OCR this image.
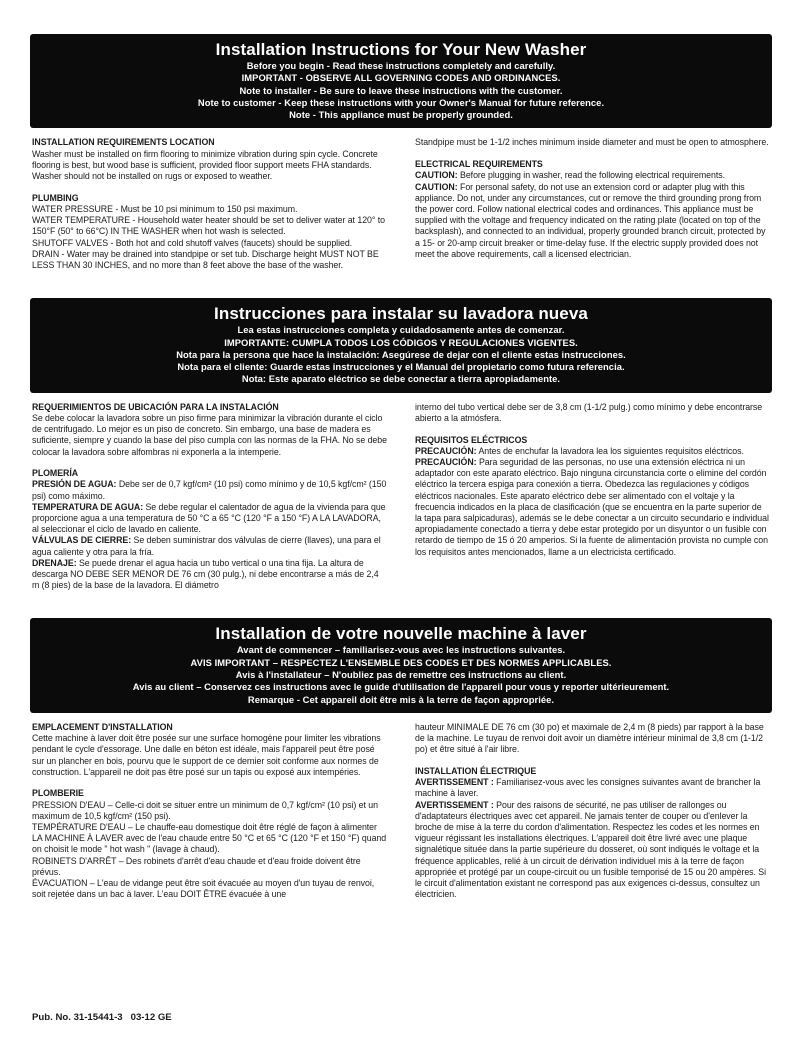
Installation Instructions for Your New Washer
Before you begin - Read these instructions completely and carefully.
IMPORTANT - OBSERVE ALL GOVERNING CODES AND ORDINANCES.
Note to installer - Be sure to leave these instructions with the customer.
Note to customer - Keep these instructions with your Owner's Manual for future reference.
Note - This appliance must be properly grounded.
INSTALLATION REQUIREMENTS LOCATION

Washer must be installed on firm flooring to minimize vibration during spin cycle. Concrete flooring is best, but wood base is sufficient, provided floor support meets FHA standards. Washer should not be installed on rugs or exposed to weather.

PLUMBING

WATER PRESSURE - Must be 10 psi minimum to 150 psi maximum.

WATER TEMPERATURE - Household water heater should be set to deliver water at 120° to 150°F (50° to 66°C) IN THE WASHER when hot wash is selected.

SHUTOFF VALVES - Both hot and cold shutoff valves (faucets) should be supplied.

DRAIN - Water may be drained into standpipe or set tub. Discharge height MUST NOT BE LESS THAN 30 INCHES, and no more than 8 feet above the base of the washer.

Standpipe must be 1-1/2 inches minimum inside diameter and must be open to atmosphere.

ELECTRICAL REQUIREMENTS

CAUTION: Before plugging in washer, read the following electrical requirements.

CAUTION: For personal safety, do not use an extension cord or adapter plug with this appliance. Do not, under any circumstances, cut or remove the third grounding prong from the power cord. Follow national electrical codes and ordinances. This appliance must be supplied with the voltage and frequency indicated on the rating plate (located on top of the backsplash), and connected to an individual, properly grounded branch circuit, protected by a 15- or 20-amp circuit breaker or time-delay fuse. If the electric supply provided does not meet the above requirements, call a licensed electrician.

Instrucciones para instalar su lavadora nueva
Lea estas instrucciones completa y cuidadosamente antes de comenzar.
IMPORTANTE: CUMPLA TODOS LOS CÓDIGOS Y REGULACIONES VIGENTES.
Nota para la persona que hace la instalación: Asegúrese de dejar con el cliente estas instrucciones.
Nota para el cliente: Guarde estas instrucciones y el Manual del propietario como futura referencia.
Nota: Este aparato eléctrico se debe conectar a tierra apropiadamente.
REQUERIMIENTOS DE UBICACIÓN PARA LA INSTALACIÓN

Se debe colocar la lavadora sobre un piso firme para minimizar la vibración durante el ciclo de centrifugado. Lo mejor es un piso de concreto. Sin embargo, una base de madera es suficiente, siempre y cuando la base del piso cumpla con las normas de la FHA. No se debe colocar la lavadora sobre alfombras ni exponerla a la intemperie.

PLOMERÍA

PRESIÓN DE AGUA: Debe ser de 0,7 kgf/cm² (10 psi) como mínimo y de 10,5 kgf/cm² (150 psi) como máximo.

TEMPERATURA DE AGUA: Se debe regular el calentador de agua de la vivienda para que proporcione agua a una temperatura de 50 °C a 65 °C (120 °F a 150 °F) A LA LAVADORA, al seleccionar el ciclo de lavado en caliente.

VÁLVULAS DE CIERRE: Se deben suministrar dos válvulas de cierre (llaves), una para el agua caliente y otra para la fría.

DRENAJE: Se puede drenar el agua hacia un tubo vertical o una tina fija. La altura de descarga NO DEBE SER MENOR DE 76 cm (30 pulg.), ni debe encontrarse a más de 2,4 m (8 pies) de la base de la lavadora. El diámetro

interno del tubo vertical debe ser de 3,8 cm (1-1/2 pulg.) como mínimo y debe encontrarse abierto a la atmósfera.

REQUISITOS ELÉCTRICOS

PRECAUCIÓN: Antes de enchufar la lavadora lea los siguientes requisitos eléctricos.

PRECAUCIÓN: Para seguridad de las personas, no use una extensión eléctrica ni un adaptador con este aparato eléctrico. Bajo ninguna circunstancia corte o elimine del cordón eléctrico la tercera espiga para conexión a tierra. Obedezca las regulaciones y códigos eléctricos nacionales. Este aparato eléctrico debe ser alimentado con el voltaje y la frecuencia indicados en la placa de clasificación (que se encuentra en la parte superior de la tapa para salpicaduras), además se le debe conectar a un circuito secundario e individual apropiadamente conectado a tierra y debe estar protegido por un disyuntor o un fusible con retardo de tiempo de 15 ó 20 amperios. Si la fuente de alimentación provista no cumple con los requisitos antes mencionados, llame a un electricista certificado.

Installation de votre nouvelle machine à laver
Avant de commencer – familiarisez-vous avec les instructions suivantes.
AVIS IMPORTANT – RESPECTEZ L'ENSEMBLE DES CODES ET DES NORMES APPLICABLES.
Avis à l'installateur – N'oubliez pas de remettre ces instructions au client.
Avis au client – Conservez ces instructions avec le guide d'utilisation de l'appareil pour vous y reporter ultérieurement.
Remarque - Cet appareil doit être mis à la terre de façon appropriée.
EMPLACEMENT D'INSTALLATION

Cette machine à laver doit être posée sur une surface homogène pour limiter les vibrations pendant le cycle d'essorage. Une dalle en béton est idéale, mais l'appareil peut être posé sur un plancher en bois, pourvu que le support de ce dernier soit conforme aux normes de construction. L'appareil ne doit pas être posé sur un tapis ou exposé aux intempéries.

PLOMBERIE

PRESSION D'EAU – Celle-ci doit se situer entre un minimum de 0,7 kgf/cm² (10 psi) et un maximum de 10,5 kgf/cm² (150 psi).

TEMPÉRATURE D'EAU – Le chauffe-eau domestique doit être réglé de façon à alimenter LA MACHINE À LAVER avec de l'eau chaude entre 50 °C et 65 °C (120 °F et 150 °F) quand on choisit le mode " hot wash " (lavage à chaud).

ROBINETS D'ARRÊT – Des robinets d'arrêt d'eau chaude et d'eau froide doivent être prévus.

ÉVACUATION – L'eau de vidange peut être soit évacuée au moyen d'un tuyau de renvoi, soit rejetée dans un bac à laver. L'eau DOIT ÊTRE évacuée à une

hauteur MINIMALE DE 76 cm (30 po) et maximale de 2,4 m (8 pieds) par rapport à la base de la machine. Le tuyau de renvoi doit avoir un diamètre intérieur minimal de 3,8 cm (1-1/2 po) et être situé à l'air libre.

INSTALLATION ÉLECTRIQUE

AVERTISSEMENT : Familiarisez-vous avec les consignes suivantes avant de brancher la machine à laver.

AVERTISSEMENT : Pour des raisons de sécurité, ne pas utiliser de rallonges ou d'adaptateurs électriques avec cet appareil. Ne jamais tenter de couper ou d'enlever la broche de mise à la terre du cordon d'alimentation. Respectez les codes et les normes en vigueur régissant les installations électriques. L'appareil doit être livré avec une plaque signalétique située dans la partie supérieure du dosseret, où sont indiqués le voltage et la fréquence applicables, relié à un circuit de dérivation individuel mis à la terre de façon appropriée et protégé par un coupe-circuit ou un fusible temporisé de 15 ou 20 ampères. Si le circuit d'alimentation existant ne correspond pas aux exigences ci-dessus, consultez un électricien.

Pub. No. 31-15441-3   03-12 GE
